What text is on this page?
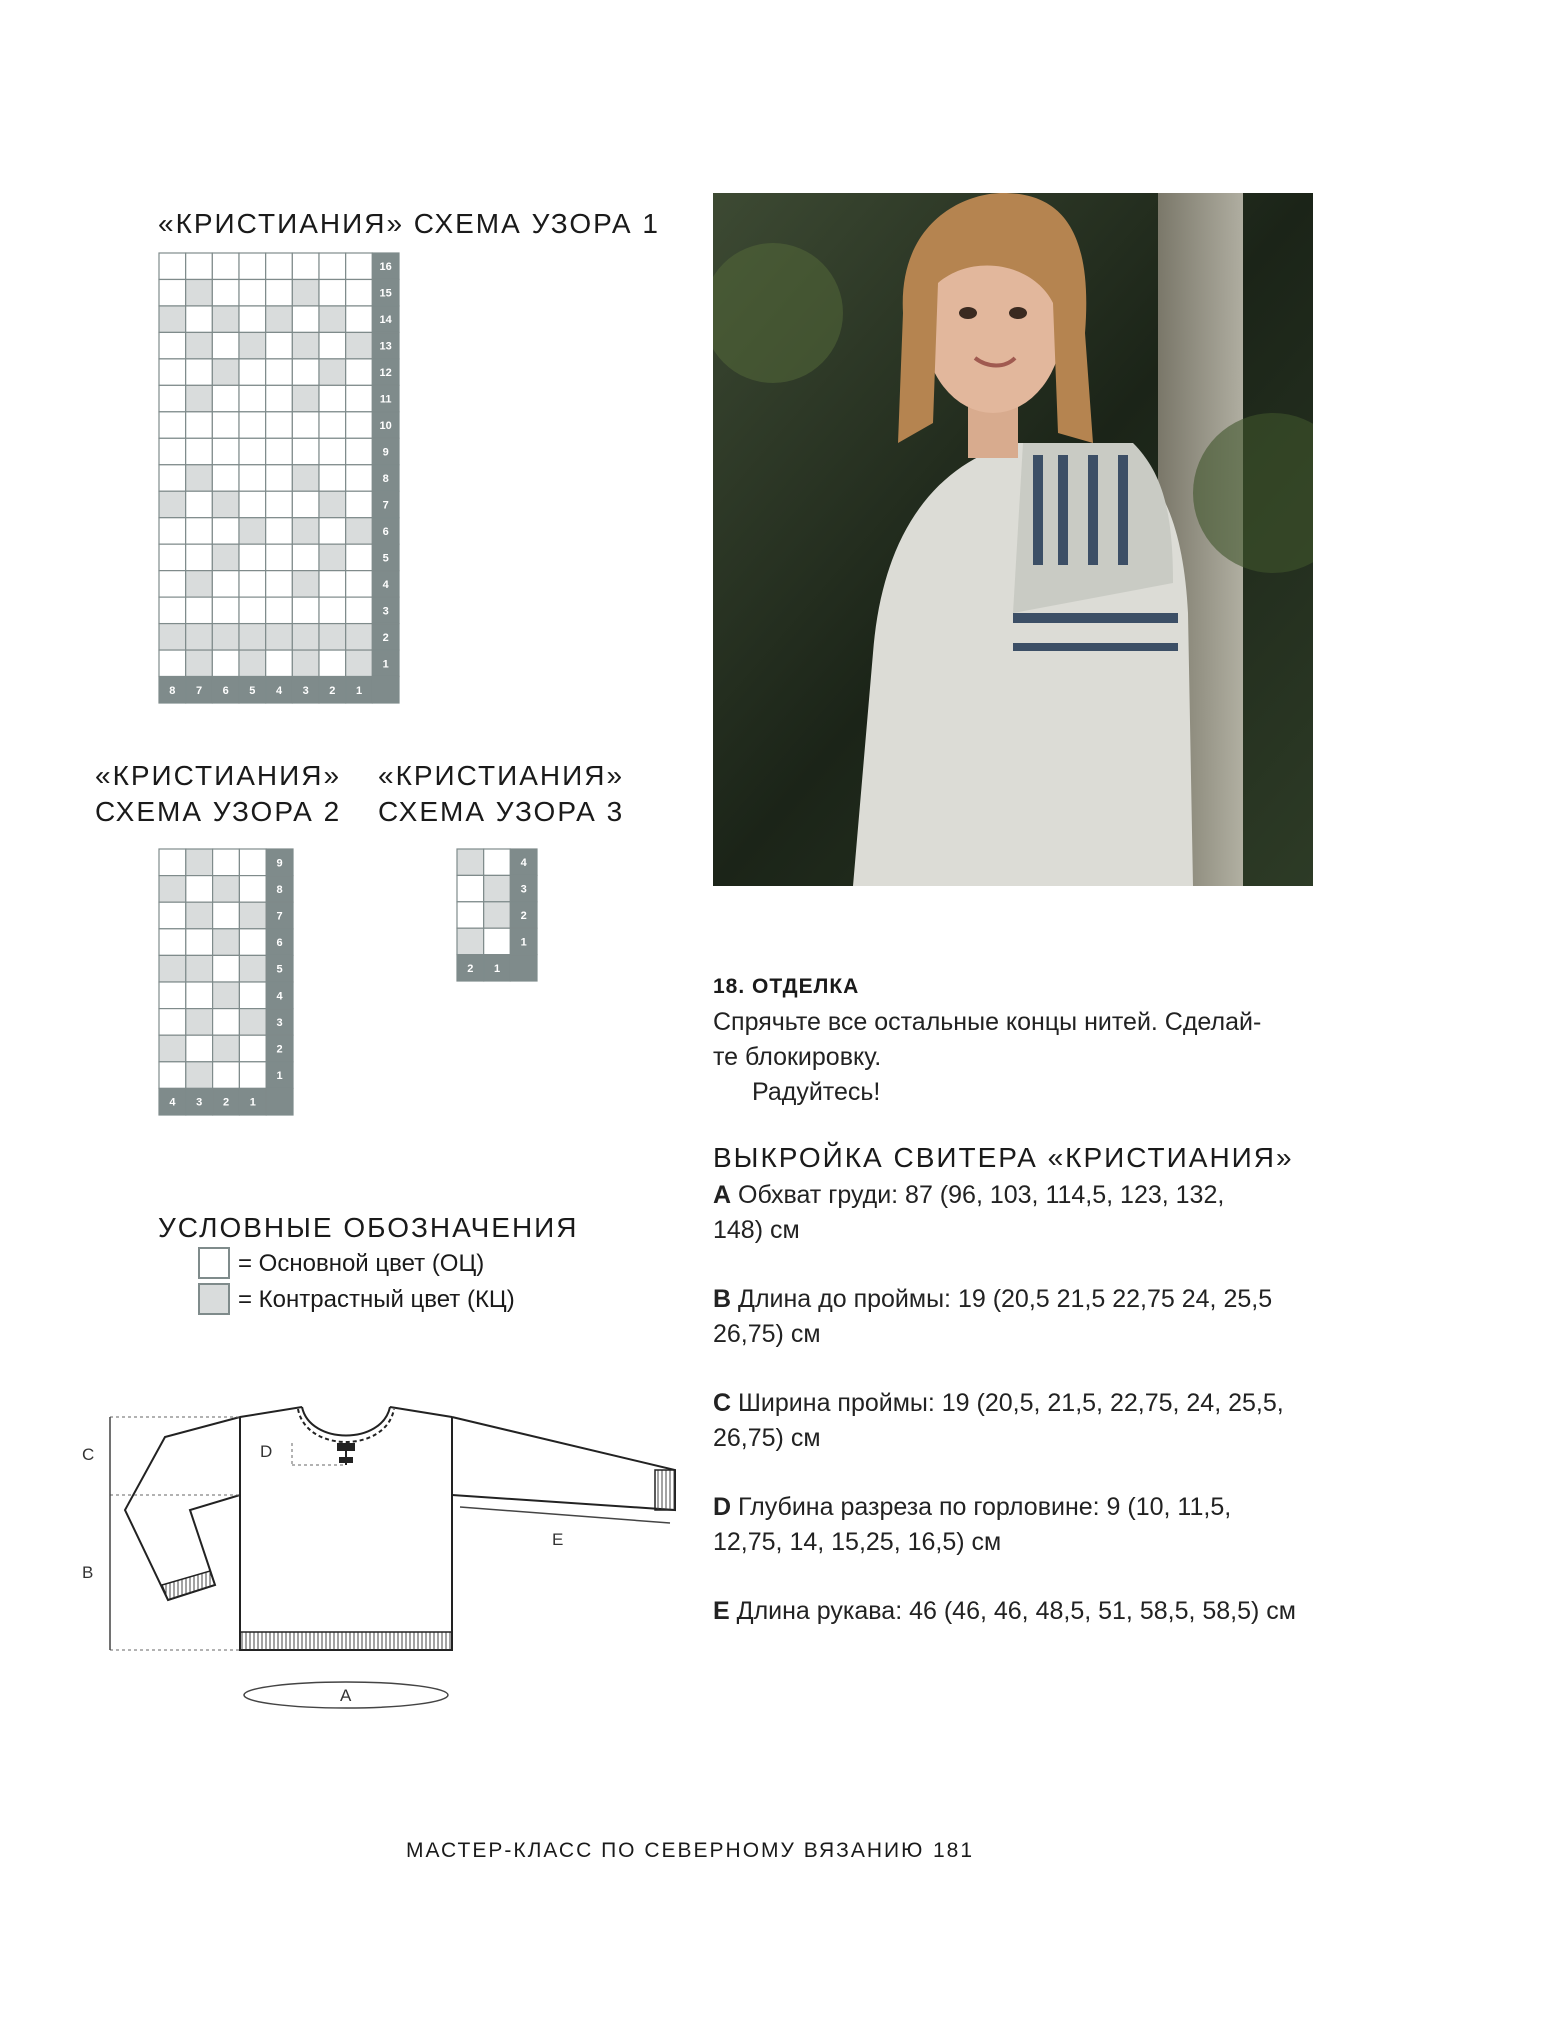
«КРИСТИАНИЯ» СХЕМА УЗОРА 1
16
15
14
13
12
11
10
9
8
7
6
5
4
3
2
1
8 7 6 5 4 3 2 1
«КРИСТИАНИЯ»
СХЕМА УЗОРА 2
9
8
7
6
5
4
3
2
1
4 3 2 1
«КРИСТИАНИЯ»
СХЕМА УЗОРА 3
4
3
2
1
2 1
УСЛОВНЫЕ ОБОЗНАЧЕНИЯ
= Основной цвет (ОЦ)
= Контрастный цвет (КЦ)
C
B
D
E
A
18. ОТДЕЛКА
Спрячьте все остальные концы нитей. Сделай-
те блокировку.
Радуйтесь!
ВЫКРОЙКА СВИТЕРА «КРИСТИАНИЯ»
A Обхват груди: 87 (96, 103, 114,5, 123, 132,
148) см
B Длина до проймы: 19 (20,5 21,5 22,75 24, 25,5
26,75) см
C Ширина проймы: 19 (20,5, 21,5, 22,75, 24, 25,5,
26,75) см
D Глубина разреза по горловине: 9 (10, 11,5,
12,75, 14, 15,25, 16,5) см
E Длина рукава: 46 (46, 46, 48,5, 51, 58,5, 58,5) см
МАСТЕР-КЛАСС ПО СЕВЕРНОМУ ВЯЗАНИЮ 181
